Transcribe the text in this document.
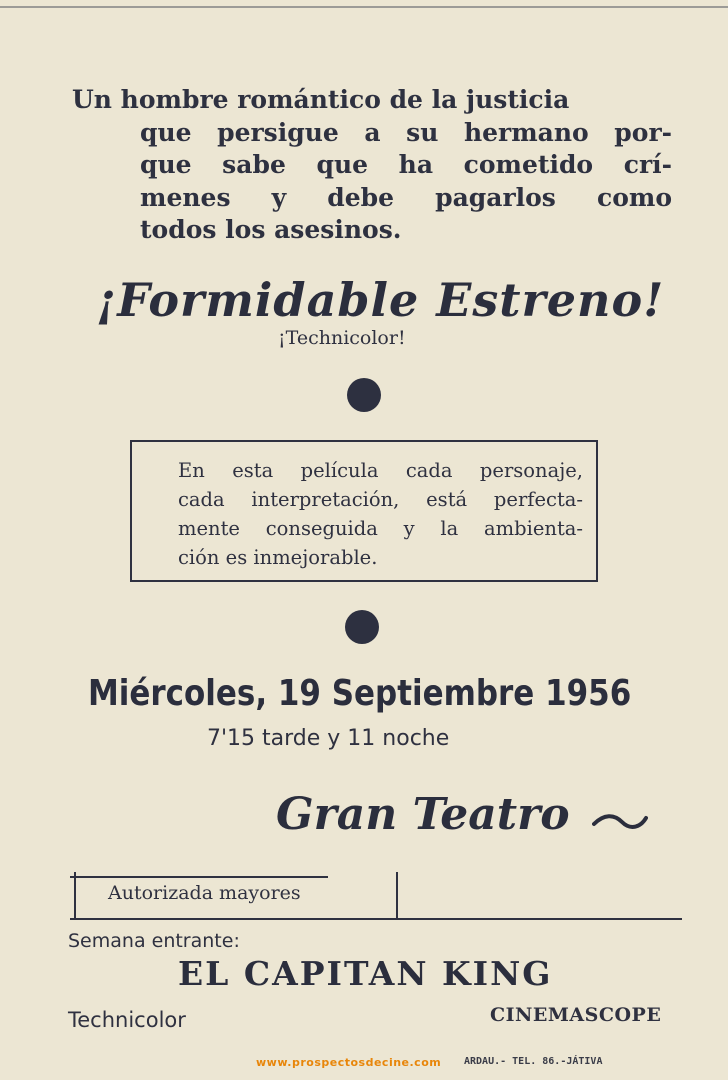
Un hombre romántico de la justicia
que persigue a su hermano por-
que sabe que ha cometido crí-
menes y debe pagarlos como
todos los asesinos.
¡Formidable Estreno!
¡Technicolor!
En esta película cada personaje,
cada interpretación, está perfecta-
mente conseguida y la ambienta-
ción es inmejorable.
Miércoles, 19 Septiembre 1956
7'15 tarde y 11 noche
Gran Teatro
Autorizada mayores
Semana entrante:
EL CAPITAN KING
Technicolor	CINEMASCOPE
www.prospectosdecine.com ARDAU.- TEL. 86.-JÁTIVA
